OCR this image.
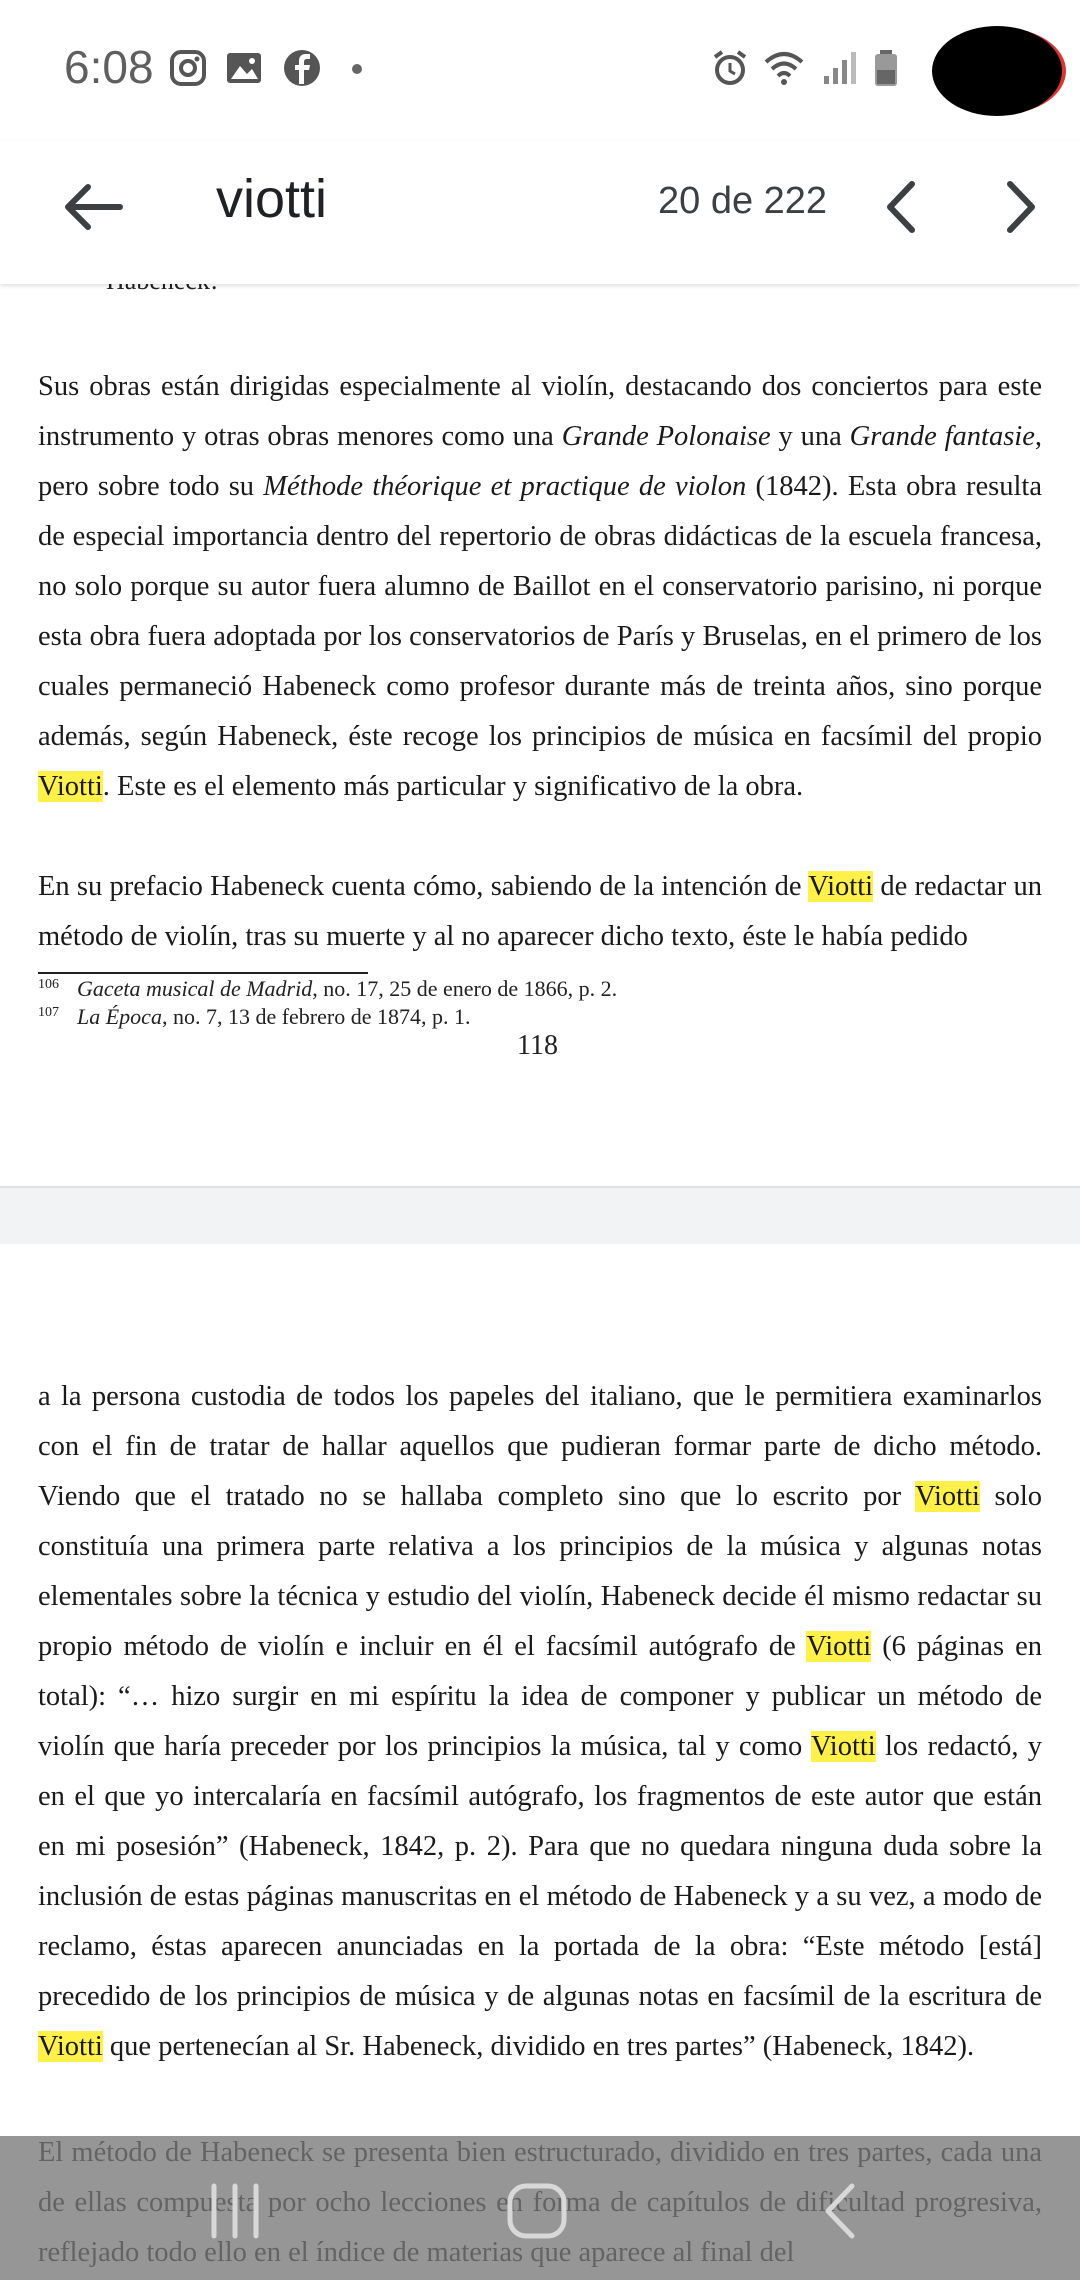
6:08
viotti	20 de 222
Sus obras están dirigidas especialmente al violín, destacando dos conciertos para este instrumento y otras obras menores como una Grande Polonaise y una Grande fantasie, pero sobre todo su Méthode théorique et practique de violon (1842). Esta obra resulta de especial importancia dentro del repertorio de obras didácticas de la escuela francesa, no solo porque su autor fuera alumno de Baillot en el conservatorio parisino, ni porque esta obra fuera adoptada por los conservatorios de París y Bruselas, en el primero de los cuales permaneció Habeneck como profesor durante más de treinta años, sino porque además, según Habeneck, éste recoge los principios de música en facsímil del propio Viotti. Este es el elemento más particular y significativo de la obra.
En su prefacio Habeneck cuenta cómo, sabiendo de la intención de Viotti de redactar un método de violín, tras su muerte y al no aparecer dicho texto, éste le había pedido
$^{106}$ Gaceta musical de Madrid, no. 17, 25 de enero de 1866, p. 2.
$^{107}$ La Época, no. 7, 13 de febrero de 1874, p. 1.
118
a la persona custodia de todos los papeles del italiano, que le permitiera examinarlos con el fin de tratar de hallar aquellos que pudieran formar parte de dicho método. Viendo que el tratado no se hallaba completo sino que lo escrito por Viotti solo constituía una primera parte relativa a los principios de la música y algunas notas elementales sobre la técnica y estudio del violín, Habeneck decide él mismo redactar su propio método de violín e incluir en él el facsímil autógrafo de Viotti (6 páginas en total): “… hizo surgir en mi espíritu la idea de componer y publicar un método de violín que haría preceder por los principios la música, tal y como Viotti los redactó, y en el que yo intercalaría en facsímil autógrafo, los fragmentos de este autor que están en mi posesión” (Habeneck, 1842, p. 2). Para que no quedara ninguna duda sobre la inclusión de estas páginas manuscritas en el método de Habeneck y a su vez, a modo de reclamo, éstas aparecen anunciadas en la portada de la obra: “Este método [está] precedido de los principios de música y de algunas notas en facsímil de la escritura de Viotti que pertenecían al Sr. Habeneck, dividido en tres partes” (Habeneck, 1842).
